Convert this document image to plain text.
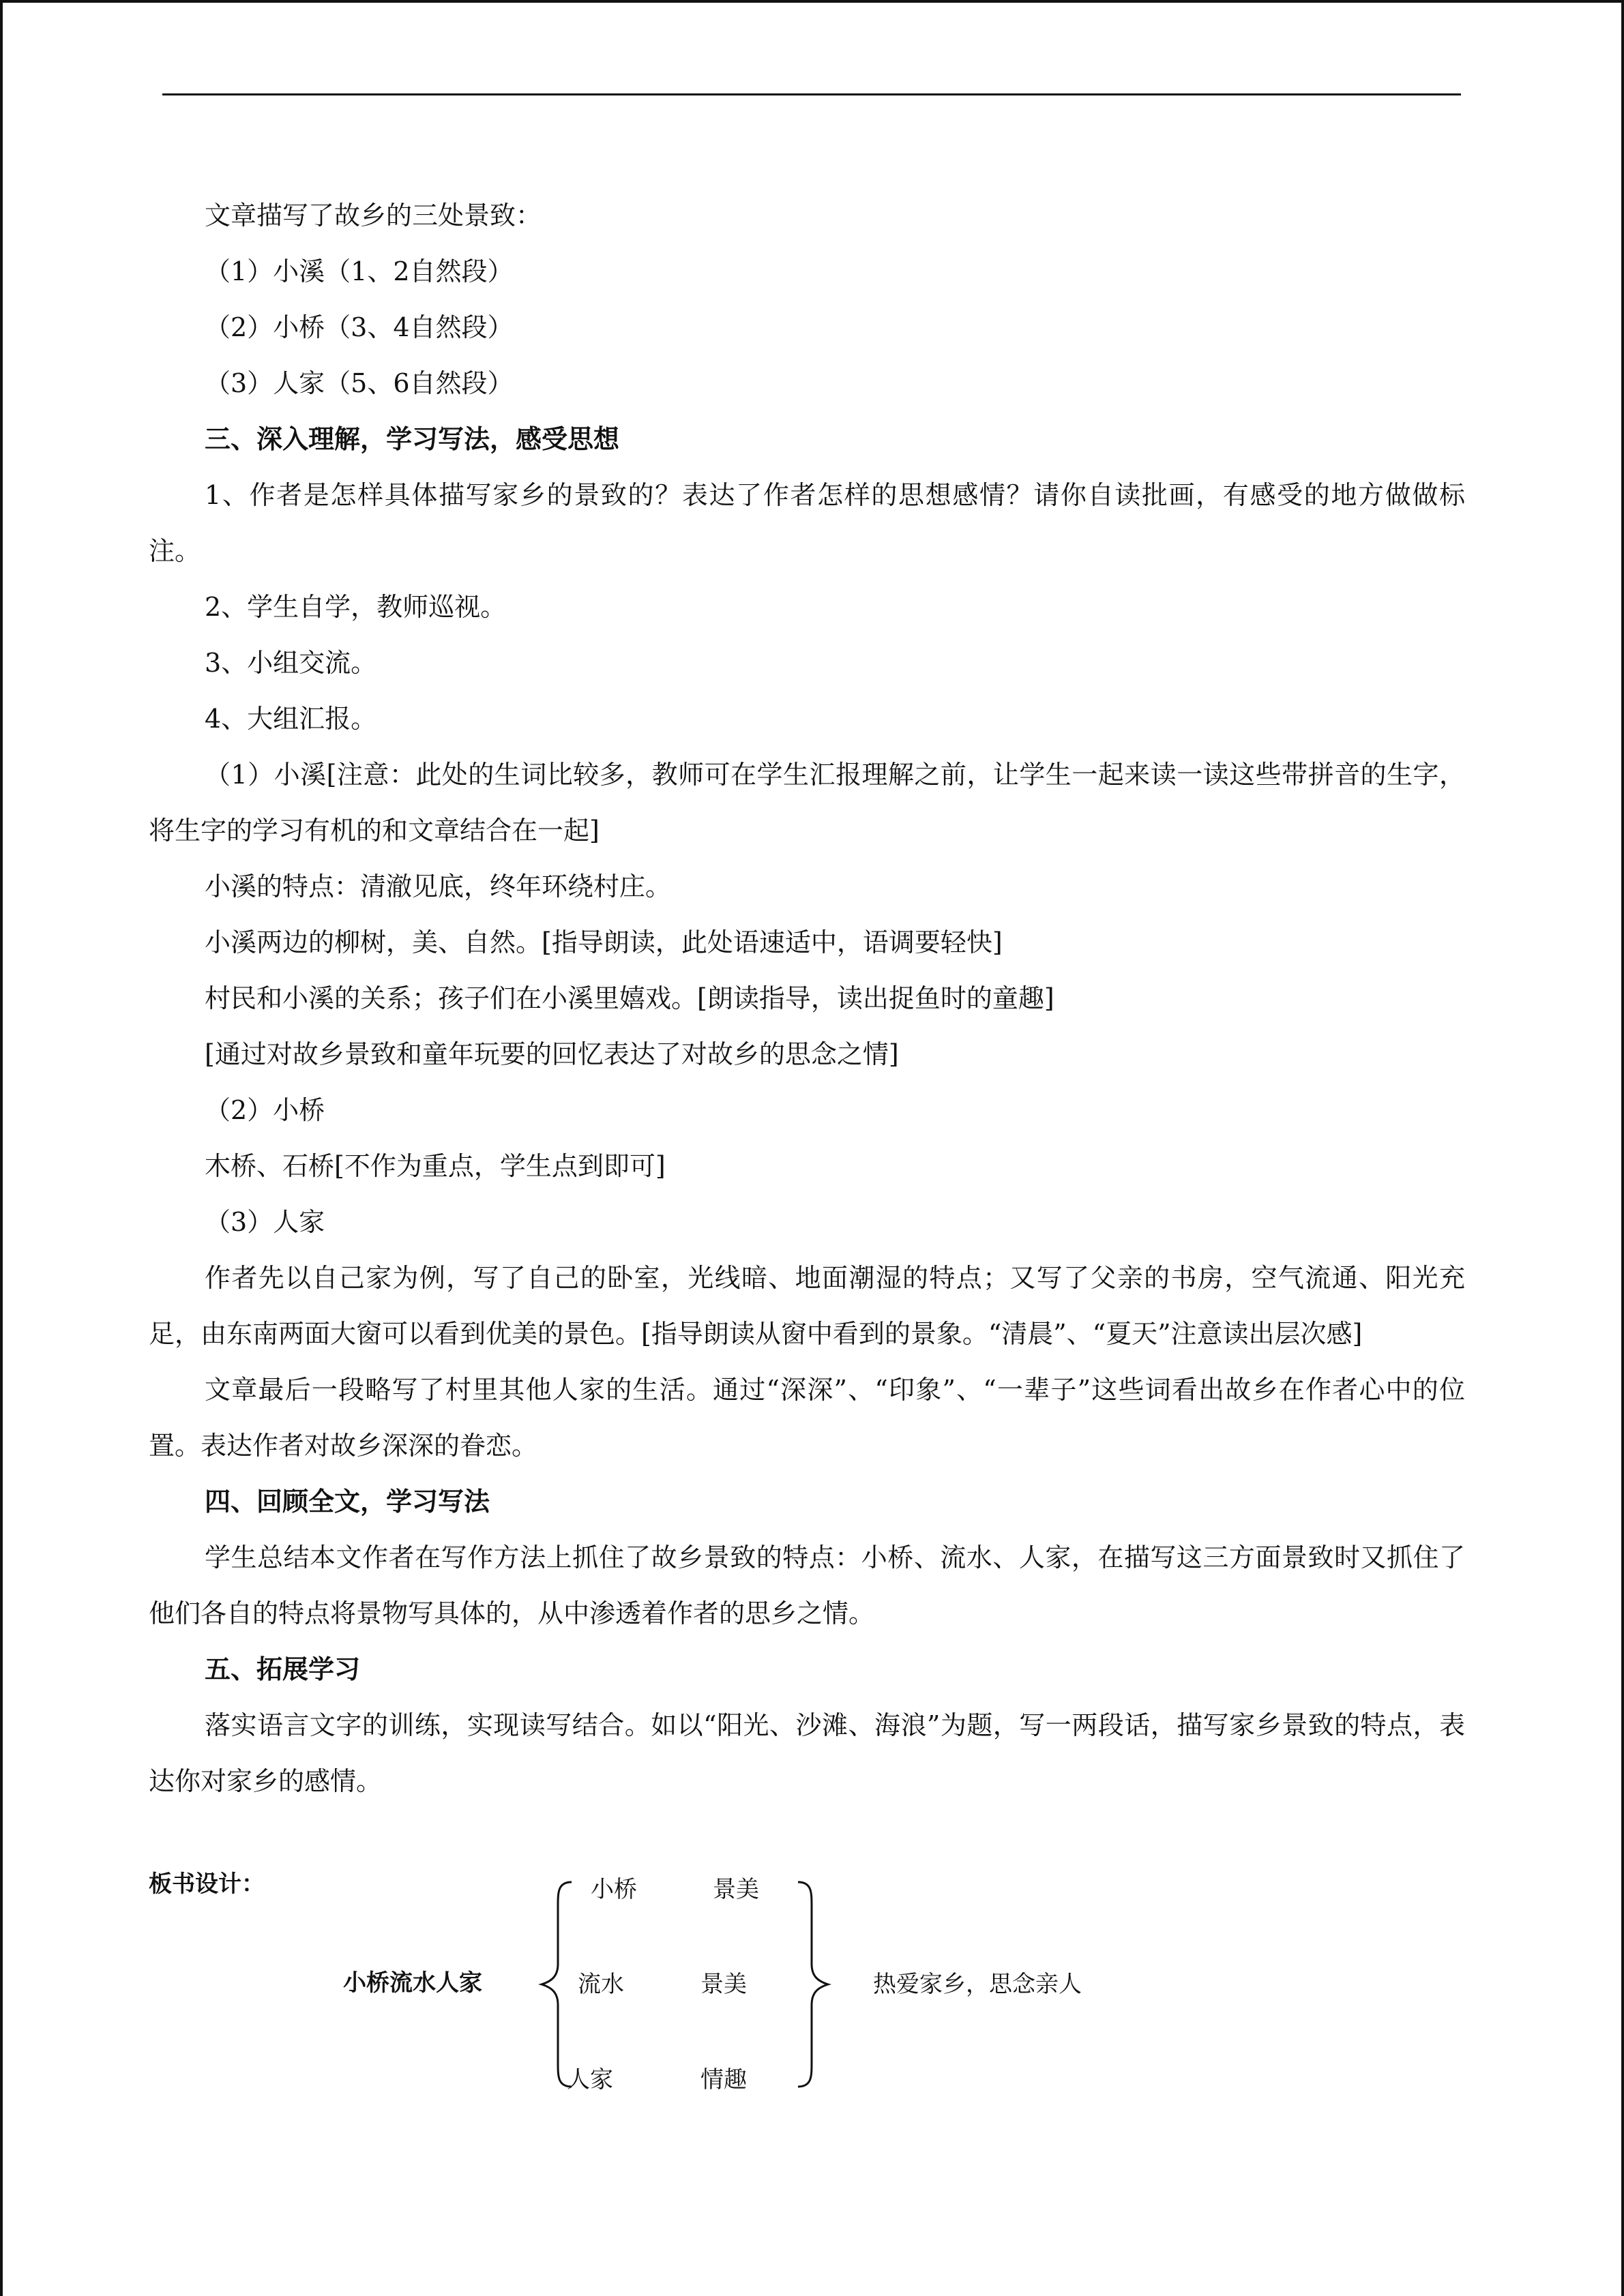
文章描写了故乡的三处景致：

（1）小溪（1、2自然段）

（2）小桥（3、4自然段）

（3）人家（5、6自然段）

三、深入理解，学习写法，感受思想

1、作者是怎样具体描写家乡的景致的？表达了作者怎样的思想感情？请你自读批画，有感受的地方做做标注。

2、学生自学，教师巡视。

3、小组交流。

4、大组汇报。

（1）小溪[注意：此处的生词比较多，教师可在学生汇报理解之前，让学生一起来读一读这些带拼音的生字，将生字的学习有机的和文章结合在一起]

小溪的特点：清澈见底，终年环绕村庄。

小溪两边的柳树，美、自然。[指导朗读，此处语速适中，语调要轻快]

村民和小溪的关系；孩子们在小溪里嬉戏。[朗读指导，读出捉鱼时的童趣]

[通过对故乡景致和童年玩要的回忆表达了对故乡的思念之情]

（2）小桥

木桥、石桥[不作为重点，学生点到即可]

（3）人家

作者先以自己家为例，写了自己的卧室，光线暗、地面潮湿的特点；又写了父亲的书房，空气流通、阳光充足，由东南两面大窗可以看到优美的景色。[指导朗读从窗中看到的景象。“清晨”、“夏天”注意读出层次感]

文章最后一段略写了村里其他人家的生活。通过“深深”、“印象”、“一辈子”这些词看出故乡在作者心中的位置。表达作者对故乡深深的眷恋。

四、回顾全文，学习写法

学生总结本文作者在写作方法上抓住了故乡景致的特点：小桥、流水、人家，在描写这三方面景致时又抓住了他们各自的特点将景物写具体的，从中渗透着作者的思乡之情。

五、拓展学习

落实语言文字的训练，实现读写结合。如以“阳光、沙滩、海浪”为题，写一两段话，描写家乡景致的特点，表达你对家乡的感情。

板书设计：
小桥流水人家
小桥	景美
流水	景美
人家	情趣
热爱家乡，思念亲人
